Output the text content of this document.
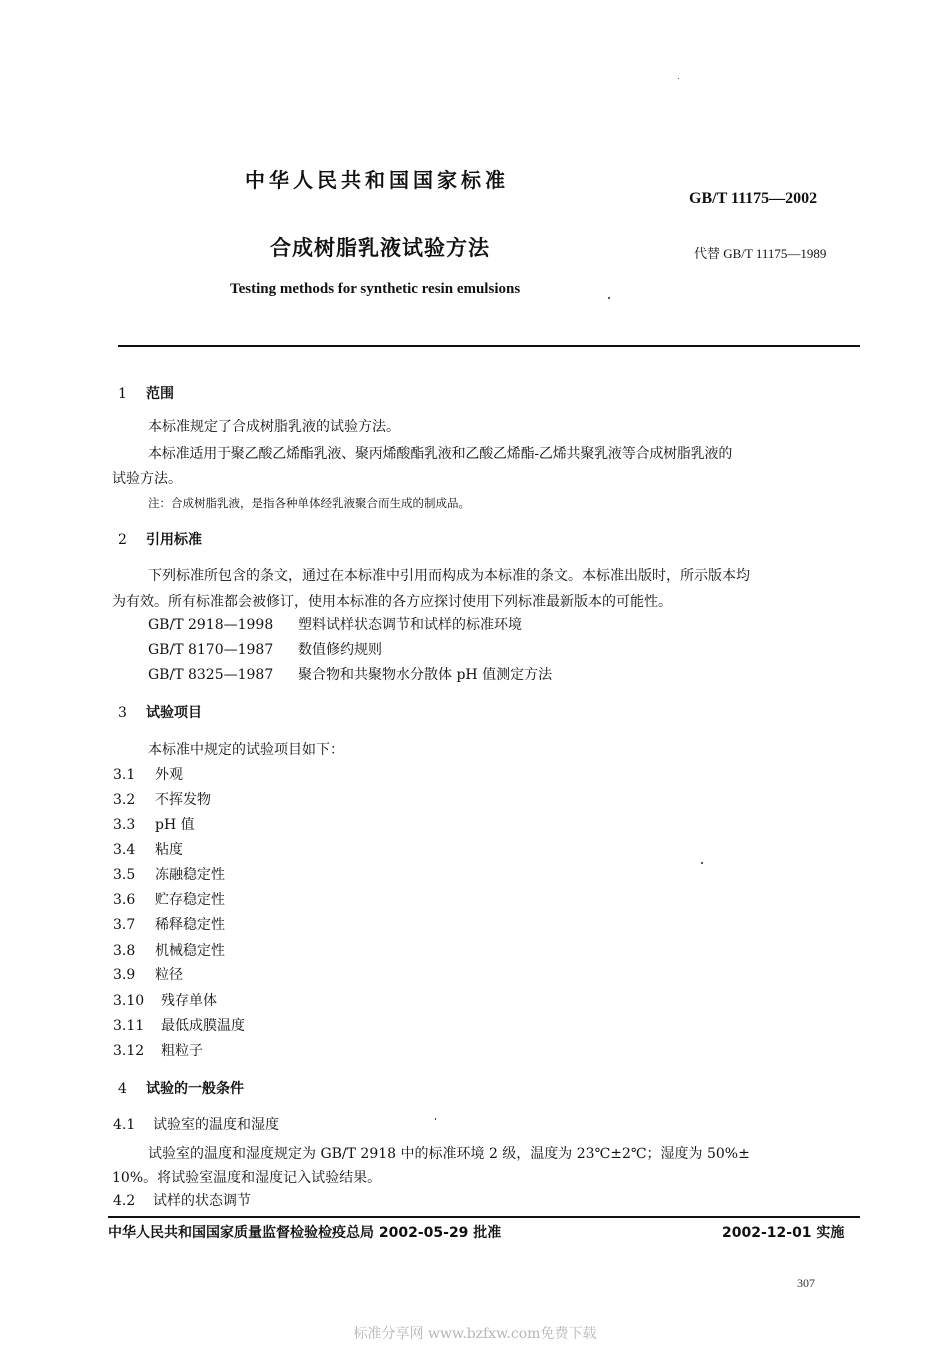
中华人民共和国国家标准
GB/T 11175—2002
合成树脂乳液试验方法	代替 GB/T 11175—1989
Testing methods for synthetic resin emulsions
1 范围
本标准规定了合成树脂乳液的试验方法。
本标准适用于聚乙酸乙烯酯乳液、聚丙烯酸酯乳液和乙酸乙烯酯-乙烯共聚乳液等合成树脂乳液的
试验方法。
注：合成树脂乳液，是指各种单体经乳液聚合而生成的制成品。
2 引用标准
下列标准所包含的条文，通过在本标准中引用而构成为本标准的条文。本标准出版时，所示版本均
为有效。所有标准都会被修订，使用本标准的各方应探讨使用下列标准最新版本的可能性。
GB/T 2918—1998 塑料试样状态调节和试样的标准环境
GB/T 8170—1987 数值修约规则
GB/T 8325—1987 聚合物和共聚物水分散体 pH 值测定方法
3 试验项目
本标准中规定的试验项目如下：
3.1 外观
3.2 不挥发物
3.3 pH 值
3.4 粘度
3.5 冻融稳定性
3.6 贮存稳定性
3.7 稀释稳定性
3.8 机械稳定性
3.9 粒径
3.10 残存单体
3.11 最低成膜温度
3.12 粗粒子
4 试验的一般条件
4.1 试验室的温度和湿度
试验室的温度和湿度规定为 GB/T 2918 中的标准环境 2 级，温度为 23℃±2℃；湿度为 50%±
10%。将试验室温度和湿度记入试验结果。
4.2 试样的状态调节
中华人民共和国国家质量监督检验检疫总局 2002-05-29 批准	2002-12-01 实施
307
标准分享网 www.bzfxw.com免费下载
